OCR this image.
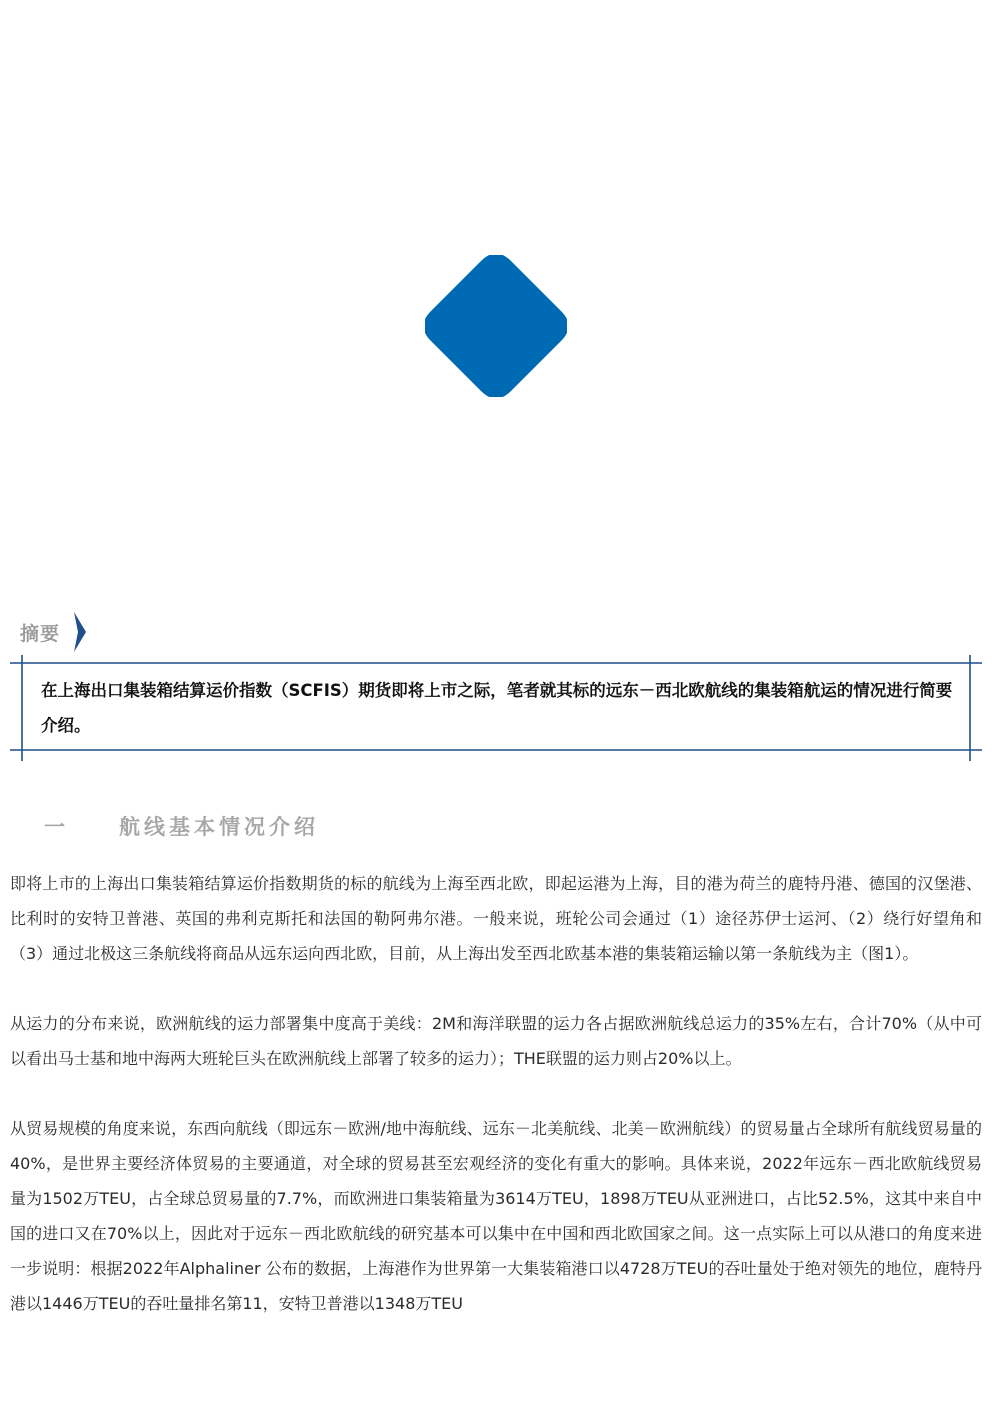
摘要
在上海出口集装箱结算运价指数（SCFIS）期货即将上市之际，笔者就其标的远东－西北欧航线的集装箱航运的情况进行简要介绍。
一	航线基本情况介绍

即将上市的上海出口集装箱结算运价指数期货的标的航线为上海至西北欧，即起运港为上海，目的港为荷兰的鹿特丹港、德国的汉堡港、比利时的安特卫普港、英国的弗利克斯托和法国的勒阿弗尔港。一般来说，班轮公司会通过（1）途径苏伊士运河、（2）绕行好望角和（3）通过北极这三条航线将商品从远东运向西北欧，目前，从上海出发至西北欧基本港的集装箱运输以第一条航线为主（图1）。

从运力的分布来说，欧洲航线的运力部署集中度高于美线：2M和海洋联盟的运力各占据欧洲航线总运力的35%左右，合计70%（从中可以看出马士基和地中海两大班轮巨头在欧洲航线上部署了较多的运力）；THE联盟的运力则占20%以上。

从贸易规模的角度来说，东西向航线（即远东－欧洲/地中海航线、远东－北美航线、北美－欧洲航线）的贸易量占全球所有航线贸易量的40%，是世界主要经济体贸易的主要通道，对全球的贸易甚至宏观经济的变化有重大的影响。具体来说，2022年远东－西北欧航线贸易量为1502万TEU，占全球总贸易量的7.7%，而欧洲进口集装箱量为3614万TEU，1898万TEU从亚洲进口，占比52.5%，这其中来自中国的进口又在70%以上，因此对于远东－西北欧航线的研究基本可以集中在中国和西北欧国家之间。这一点实际上可以从港口的角度来进一步说明：根据2022年Alphaliner 公布的数据，上海港作为世界第一大集装箱港口以4728万TEU的吞吐量处于绝对领先的地位，鹿特丹港以1446万TEU的吞吐量排名第11，安特卫普港以1348万TEU
